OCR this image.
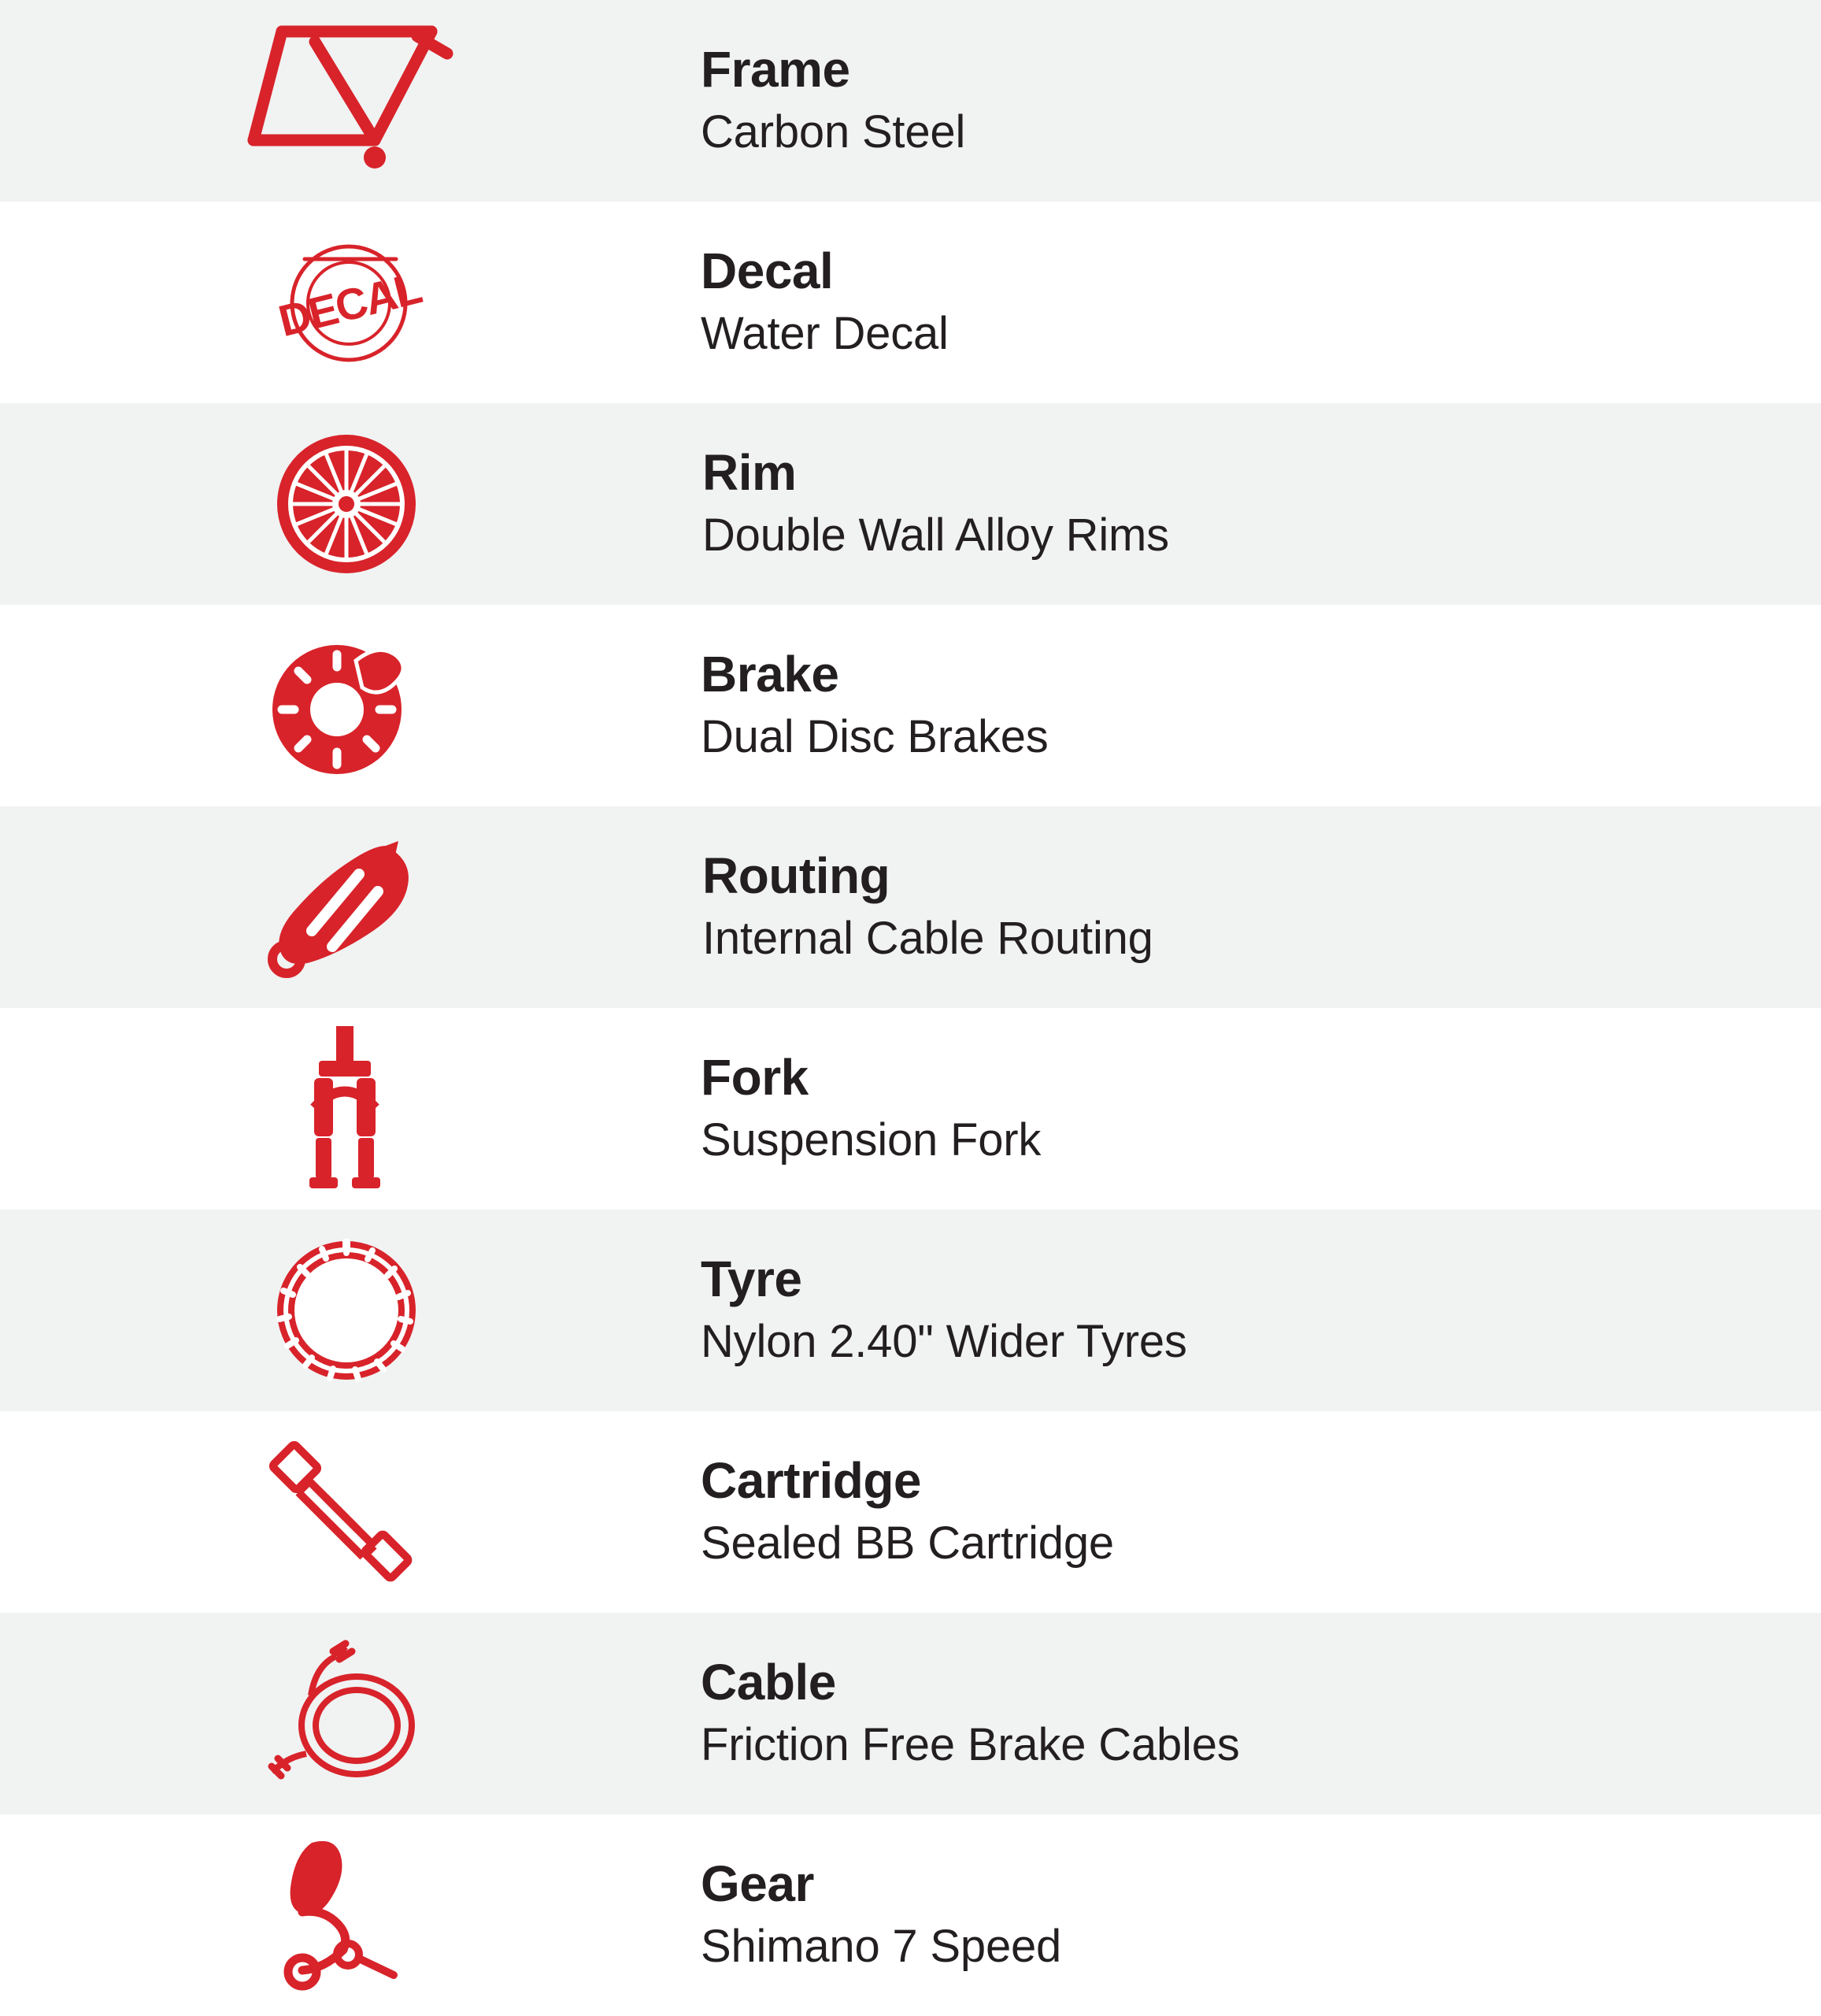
Frame
Carbon Steel
DECAL	Decal
Water Decal
Rim
Double Wall Alloy Rims
Brake
Dual Disc Brakes
Routing
Internal Cable Routing
Fork
Suspension Fork
Tyre
Nylon 2.40" Wider Tyres
Cartridge
Sealed BB Cartridge
Cable
Friction Free Brake Cables
Gear
Shimano 7 Speed
